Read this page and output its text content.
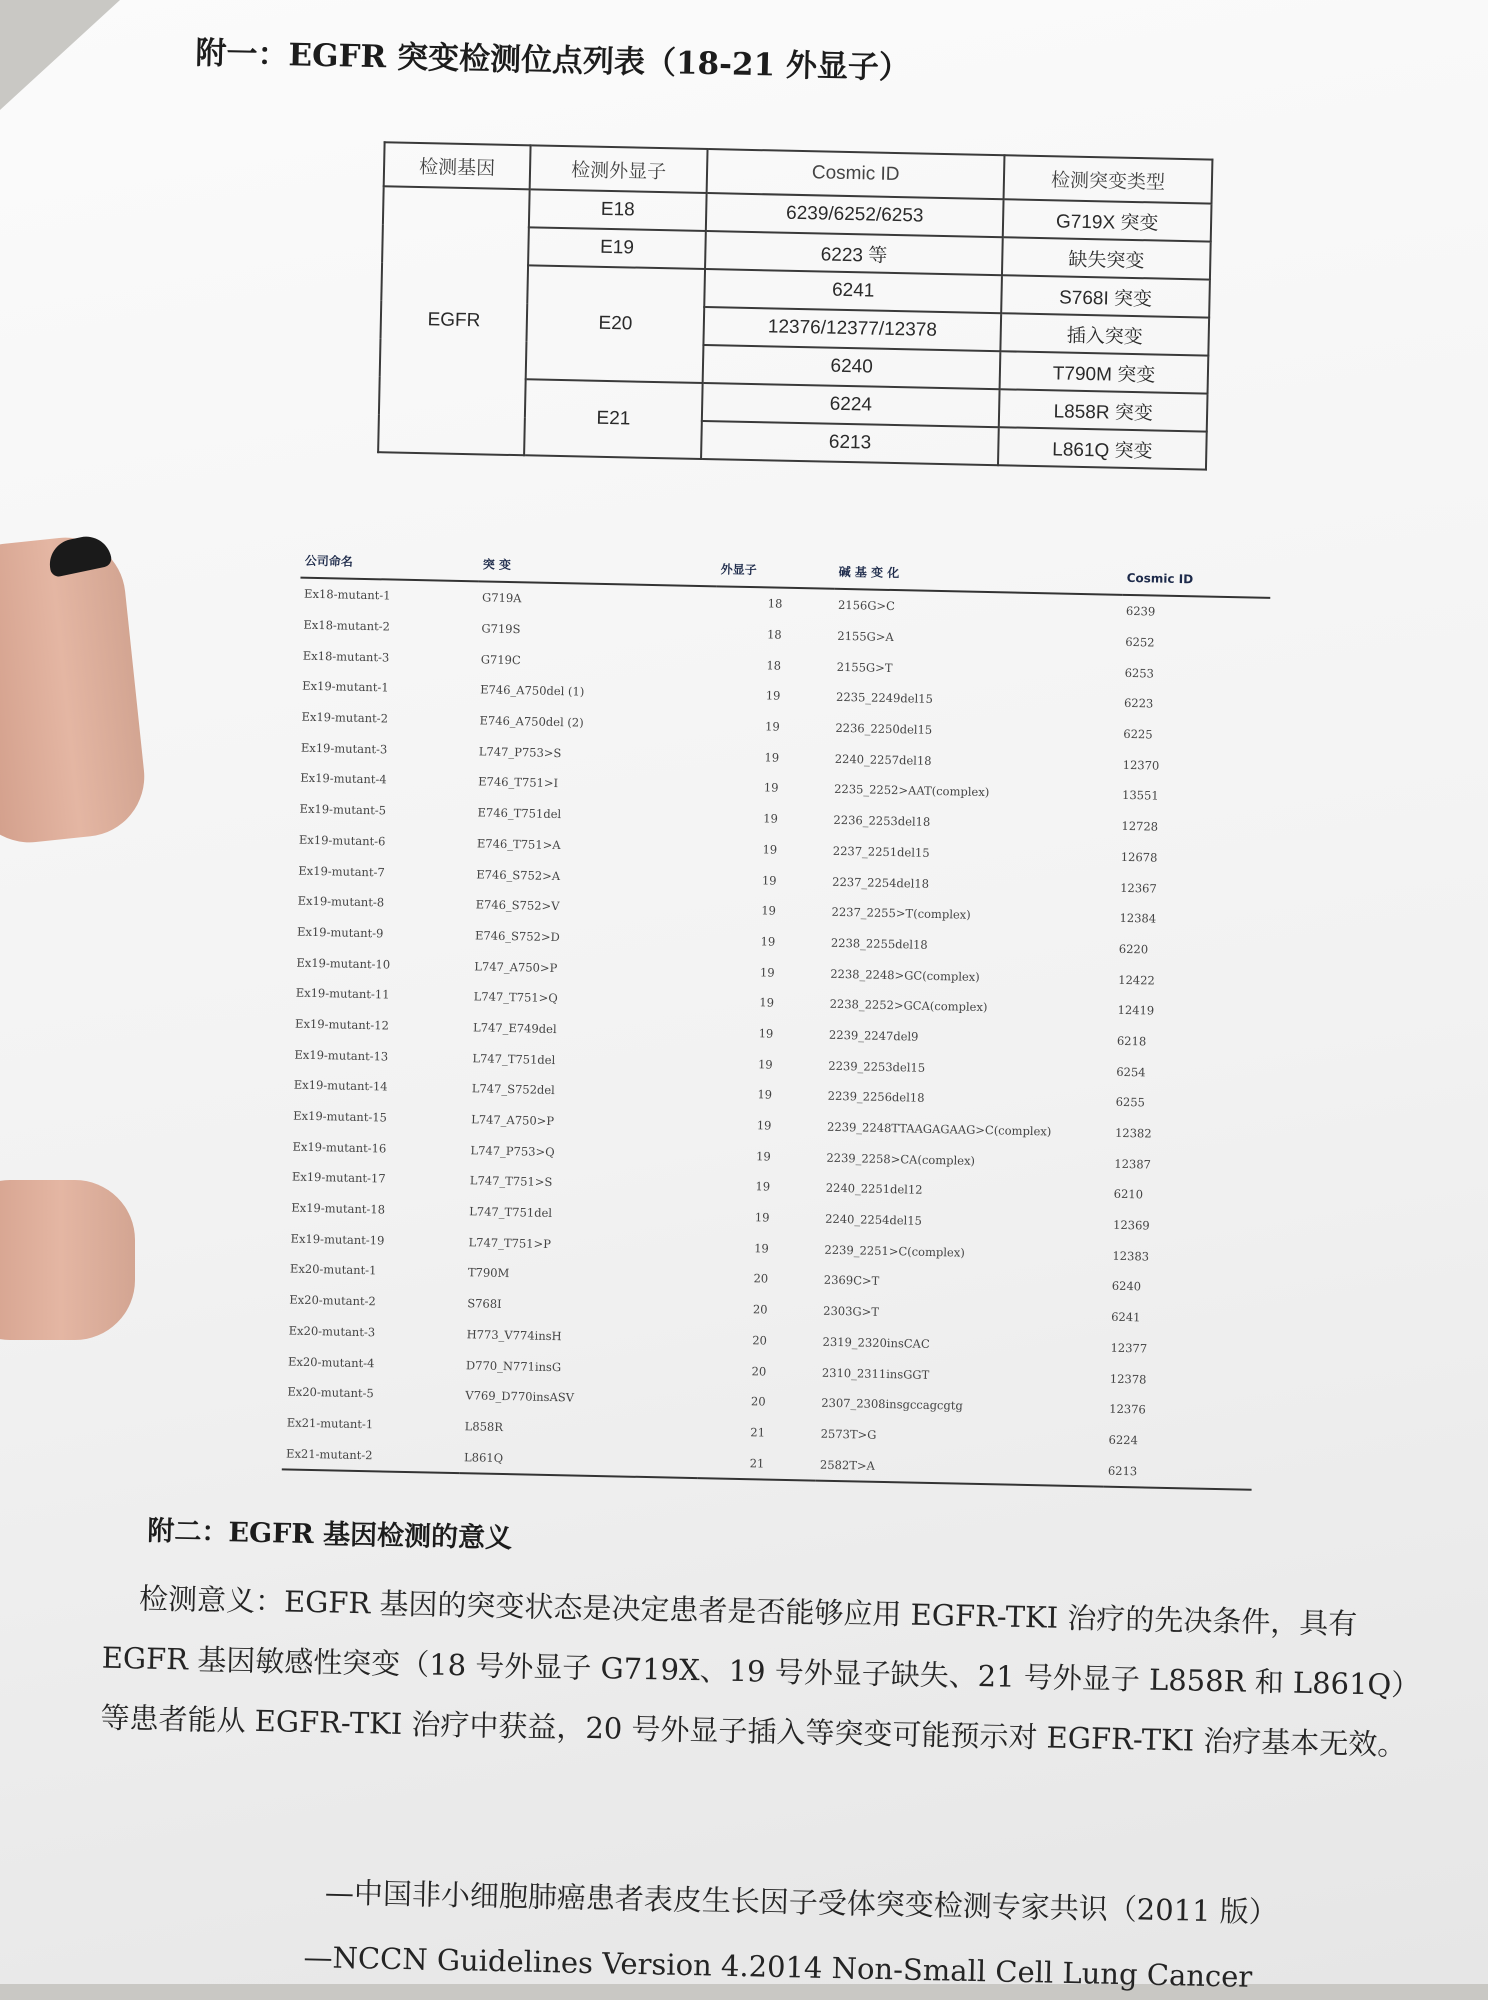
附一：EGFR 突变检测位点列表（18-21 外显子）
检测基因	检测外显子	Cosmic ID	检测突变类型
EGFR	E18	6239/6252/6253	G719X 突变
	E19	6223 等	缺失突变
	E20	6241	S768I 突变
		12376/12377/12378	插入突变
		6240	T790M 突变
	E21	6224	L858R 突变
		6213	L861Q 突变
公司命名	突 变	外显子	碱 基 变 化	Cosmic ID
Ex18-mutant-1	G719A	18	2156G>C	6239
Ex18-mutant-2	G719S	18	2155G>A	6252
Ex18-mutant-3	G719C	18	2155G>T	6253
Ex19-mutant-1	E746_A750del (1)	19	2235_2249del15	6223
Ex19-mutant-2	E746_A750del (2)	19	2236_2250del15	6225
Ex19-mutant-3	L747_P753>S	19	2240_2257del18	12370
Ex19-mutant-4	E746_T751>I	19	2235_2252>AAT(complex)	13551
Ex19-mutant-5	E746_T751del	19	2236_2253del18	12728
Ex19-mutant-6	E746_T751>A	19	2237_2251del15	12678
Ex19-mutant-7	E746_S752>A	19	2237_2254del18	12367
Ex19-mutant-8	E746_S752>V	19	2237_2255>T(complex)	12384
Ex19-mutant-9	E746_S752>D	19	2238_2255del18	6220
Ex19-mutant-10	L747_A750>P	19	2238_2248>GC(complex)	12422
Ex19-mutant-11	L747_T751>Q	19	2238_2252>GCA(complex)	12419
Ex19-mutant-12	L747_E749del	19	2239_2247del9	6218
Ex19-mutant-13	L747_T751del	19	2239_2253del15	6254
Ex19-mutant-14	L747_S752del	19	2239_2256del18	6255
Ex19-mutant-15	L747_A750>P	19	2239_2248TTAAGAGAAG>C(complex)	12382
Ex19-mutant-16	L747_P753>Q	19	2239_2258>CA(complex)	12387
Ex19-mutant-17	L747_T751>S	19	2240_2251del12	6210
Ex19-mutant-18	L747_T751del	19	2240_2254del15	12369
Ex19-mutant-19	L747_T751>P	19	2239_2251>C(complex)	12383
Ex20-mutant-1	T790M	20	2369C>T	6240
Ex20-mutant-2	S768I	20	2303G>T	6241
Ex20-mutant-3	H773_V774insH	20	2319_2320insCAC	12377
Ex20-mutant-4	D770_N771insG	20	2310_2311insGGT	12378
Ex20-mutant-5	V769_D770insASV	20	2307_2308insgccagcgtg	12376
Ex21-mutant-1	L858R	21	2573T>G	6224
Ex21-mutant-2	L861Q	21	2582T>A	6213
附二：EGFR 基因检测的意义
检测意义：EGFR 基因的突变状态是决定患者是否能够应用 EGFR-TKI 治疗的先决条件，具有 EGFR 基因敏感性突变（18 号外显子 G719X、19 号外显子缺失、21 号外显子 L858R 和 L861Q）等患者能从 EGFR-TKI 治疗中获益，20 号外显子插入等突变可能预示对 EGFR-TKI 治疗基本无效。
—中国非小细胞肺癌患者表皮生长因子受体突变检测专家共识（2011 版）
—NCCN Guidelines Version 4.2014 Non-Small Cell Lung Cancer
